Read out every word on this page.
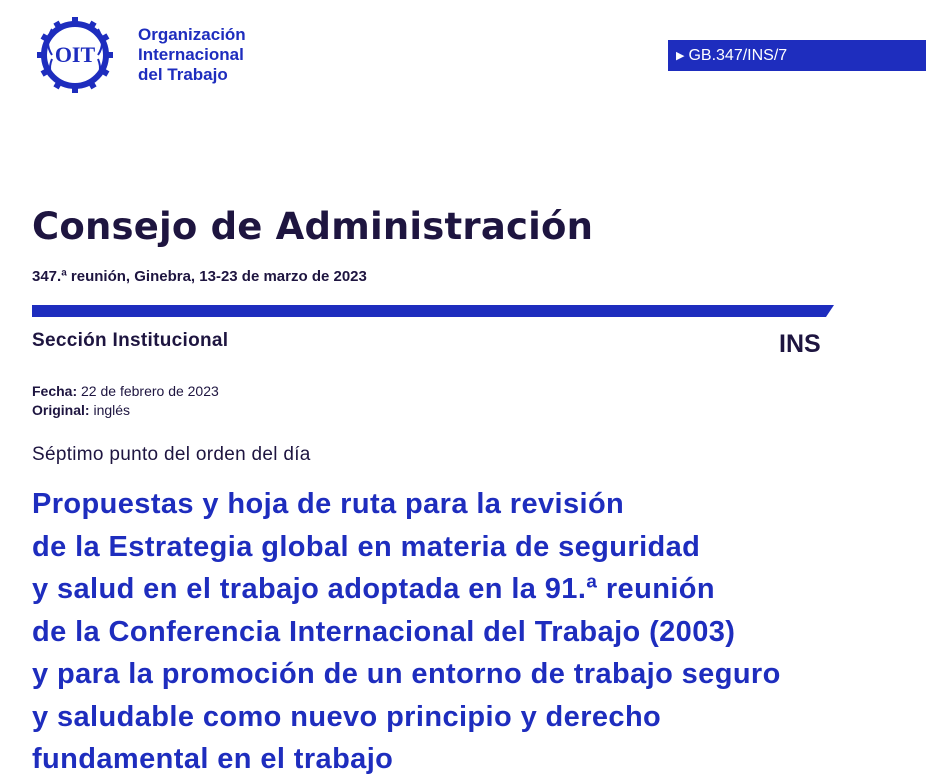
OIT
Organización
Internacional
del Trabajo
▶ GB.347/INS/7
Consejo de Administración
347.ª reunión, Ginebra, 13-23 de marzo de 2023
Sección Institucional	INS
Fecha: 22 de febrero de 2023
Original: inglés
Séptimo punto del orden del día
Propuestas y hoja de ruta para la revisión
de la Estrategia global en materia de seguridad
y salud en el trabajo adoptada en la 91.ª reunión
de la Conferencia Internacional del Trabajo (2003)
y para la promoción de un entorno de trabajo seguro
y saludable como nuevo principio y derecho
fundamental en el trabajo
